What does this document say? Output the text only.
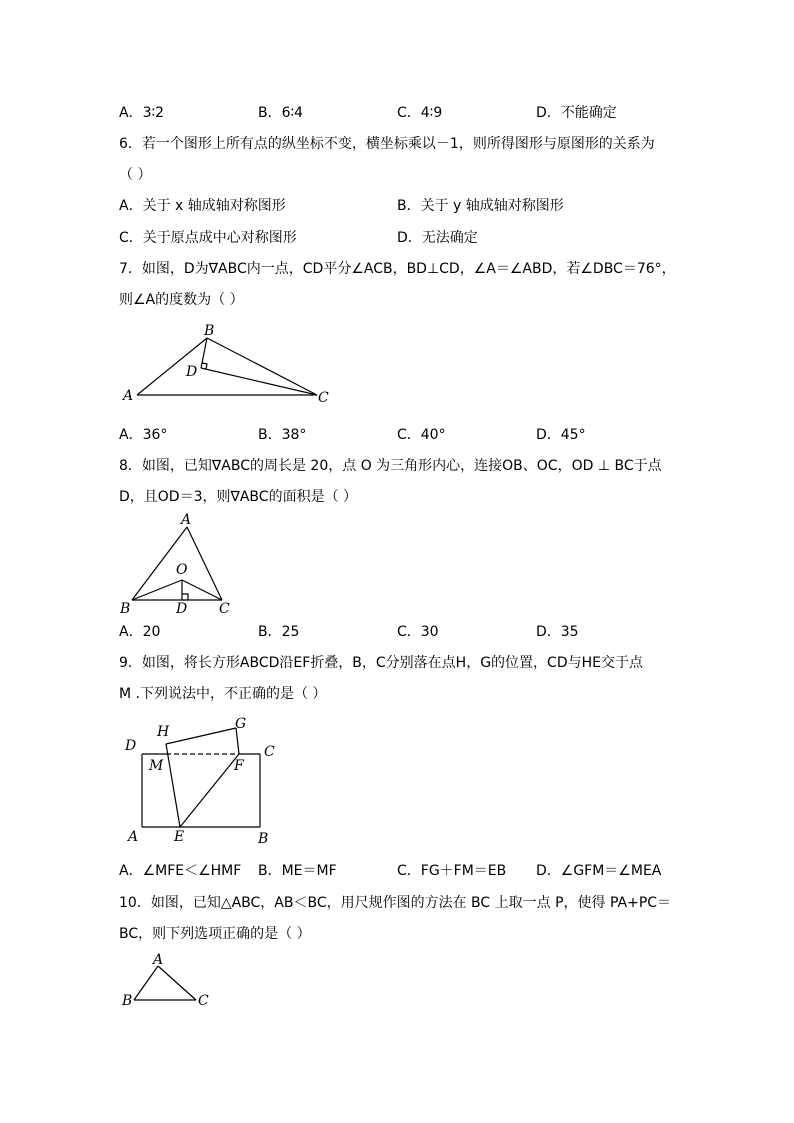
A．3∶2	B．6∶4	C．4∶9	D．不能确定
6．若一个图形上所有点的纵坐标不变，横坐标乘以－1，则所得图形与原图形的关系为
（ ）
A．关于 x 轴成轴对称图形	B．关于 y 轴成轴对称图形
C．关于原点成中心对称图形	D．无法确定
7．如图，D为∇ABC内一点，CD平分∠ACB，BD⊥CD，∠A＝∠ABD，若∠DBC＝76°，
则∠A的度数为（ ）
A
B
C
D
A．36°	B．38°	C．40°	D．45°
8．如图，已知∇ABC的周长是 20，点 O 为三角形内心，连接OB、OC，OD ⊥ BC于点
D，且OD＝3，则∇ABC的面积是（ ）
A
O
B	D C
A．20	B．25	C．30	D．35
9．如图，将长方形ABCD沿EF折叠，B，C分别落在点H，G的位置，CD与HE交于点
M .下列说法中，不正确的是（ ）
H	G
D	C
M	F
A	E	B
A．∠MFE＜∠HMF B．ME＝MF	C．FG＋FM＝EB D．∠GFM＝∠MEA
10．如图，已知△ABC，AB＜BC，用尺规作图的方法在 BC 上取一点 P，使得 PA+PC＝
BC，则下列选项正确的是（ ）
A
B	C
